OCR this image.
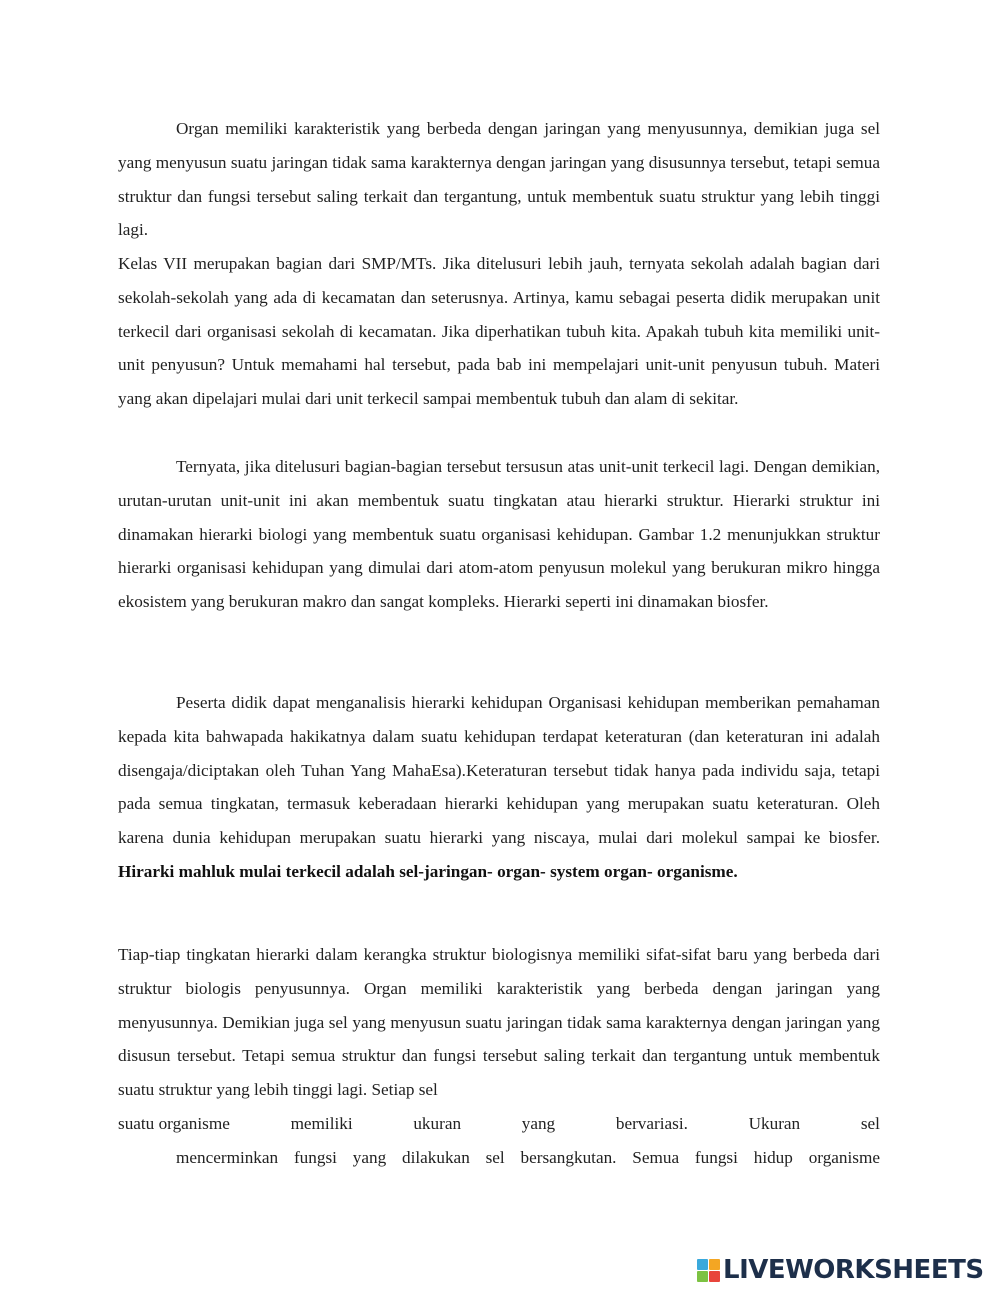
Organ memiliki karakteristik yang berbeda dengan jaringan yang menyusunnya, demikian juga sel yang menyusun suatu jaringan tidak sama karakternya dengan jaringan yang disusunnya tersebut, tetapi semua struktur dan fungsi tersebut saling terkait dan tergantung, untuk membentuk suatu struktur yang lebih tinggi lagi.

Kelas VII merupakan bagian dari SMP/MTs. Jika ditelusuri lebih jauh, ternyata sekolah adalah bagian dari sekolah-sekolah yang ada di kecamatan dan seterusnya. Artinya, kamu sebagai peserta didik merupakan unit terkecil dari organisasi sekolah di kecamatan. Jika diperhatikan tubuh kita. Apakah tubuh kita memiliki unit-unit penyusun? Untuk memahami hal tersebut, pada bab ini mempelajari unit-unit penyusun tubuh. Materi yang akan dipelajari mulai dari unit terkecil sampai membentuk tubuh dan alam di sekitar.

Ternyata, jika ditelusuri bagian-bagian tersebut tersusun atas unit-unit terkecil lagi. Dengan demikian, urutan-urutan unit-unit ini akan membentuk suatu tingkatan atau hierarki struktur. Hierarki struktur ini dinamakan hierarki biologi yang membentuk suatu organisasi kehidupan. Gambar 1.2 menunjukkan struktur hierarki organisasi kehidupan yang dimulai dari atom-atom penyusun molekul yang berukuran mikro hingga ekosistem yang berukuran makro dan sangat kompleks. Hierarki seperti ini dinamakan biosfer.

Peserta didik dapat menganalisis hierarki kehidupan Organisasi kehidupan memberikan pemahaman kepada kita bahwapada hakikatnya dalam suatu kehidupan terdapat keteraturan (dan keteraturan ini adalah disengaja/diciptakan oleh Tuhan Yang MahaEsa).Keteraturan tersebut tidak hanya pada individu saja, tetapi pada semua tingkatan, termasuk keberadaan hierarki kehidupan yang merupakan suatu keteraturan. Oleh karena dunia kehidupan merupakan suatu hierarki yang niscaya, mulai dari molekul sampai ke biosfer. Hirarki mahluk mulai terkecil adalah sel-jaringan- organ- system organ- organisme.

Tiap-tiap tingkatan hierarki dalam kerangka struktur biologisnya memiliki sifat-sifat baru yang berbeda dari struktur biologis penyusunnya. Organ memiliki karakteristik yang berbeda dengan jaringan yang menyusunnya. Demikian juga sel yang menyusun suatu jaringan tidak sama karakternya dengan jaringan yang disusun tersebut. Tetapi semua struktur dan fungsi tersebut saling terkait dan tergantung untuk membentuk suatu struktur yang lebih tinggi lagi. Setiap sel

suatu organisme	memiliki	ukuran	yang	bervariasi.	Ukuran	sel

mencerminkan fungsi yang dilakukan sel bersangkutan. Semua fungsi hidup organisme

LIVEWORKSHEETS
